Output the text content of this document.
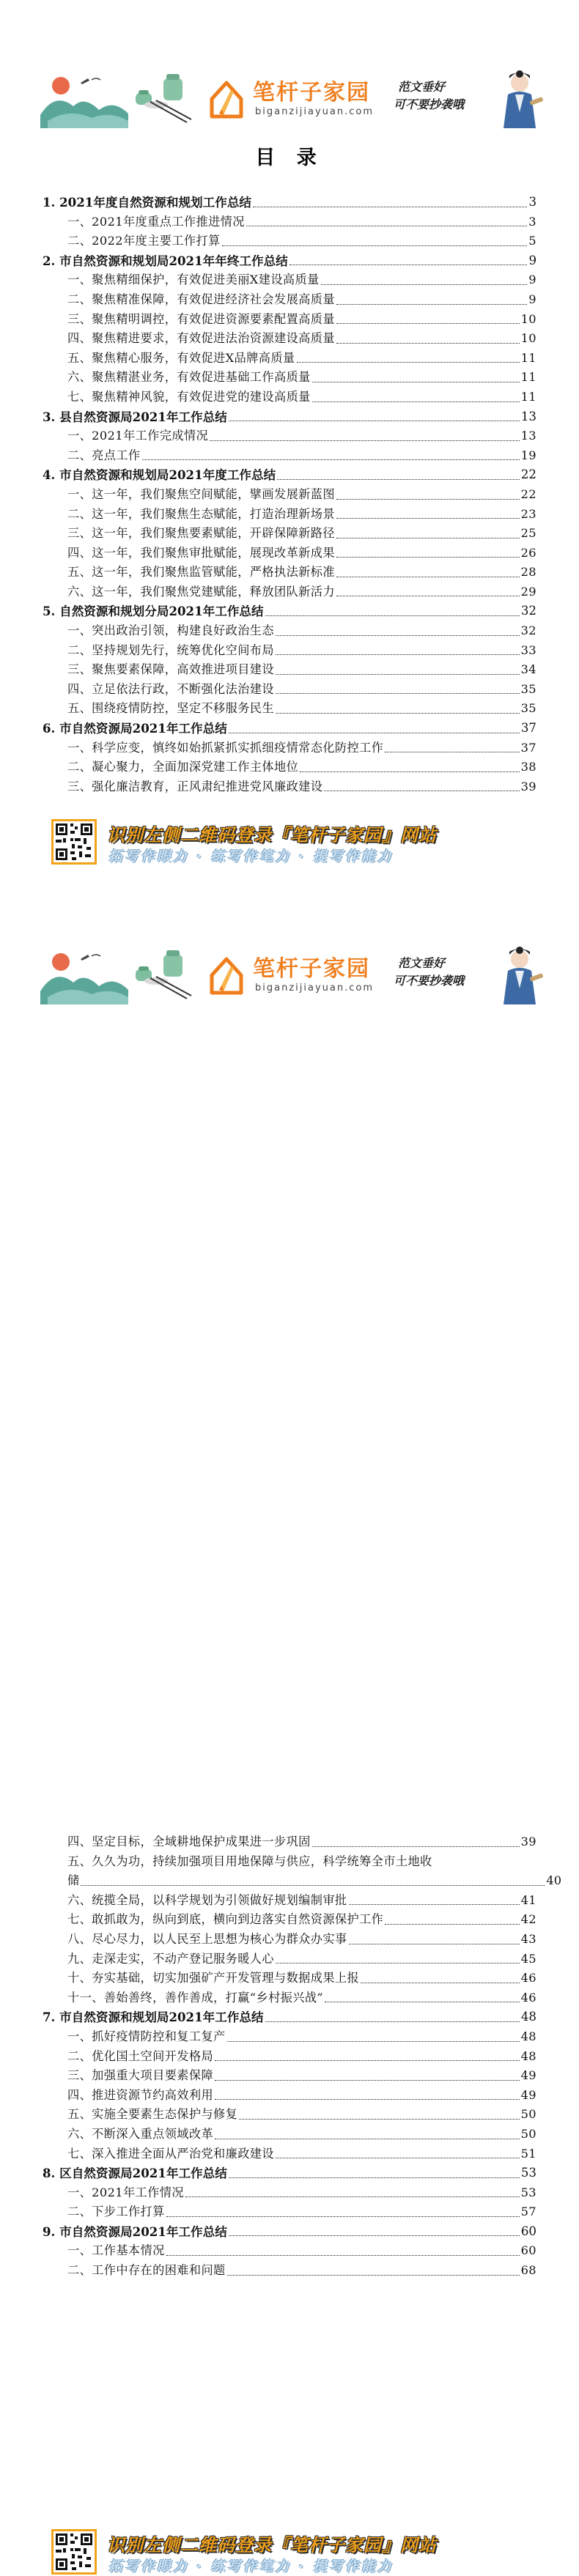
笔杆子家园
biganzijiayuan.com
范文垂好
可不要抄袭哦
目 录
1. 2021年度自然资源和规划工作总结	3
一、2021年度重点工作推进情况	3
二、2022年度主要工作打算	5
2. 市自然资源和规划局2021年年终工作总结	9
一、聚焦精细保护，有效促进美丽X建设高质量	9
二、聚焦精准保障，有效促进经济社会发展高质量	9
三、聚焦精明调控，有效促进资源要素配置高质量	10
四、聚焦精进要求，有效促进法治资源建设高质量	10
五、聚焦精心服务，有效促进X品牌高质量	11
六、聚焦精湛业务，有效促进基础工作高质量	11
七、聚焦精神风貌，有效促进党的建设高质量	11
3. 县自然资源局2021年工作总结	13
一、2021年工作完成情况	13
二、亮点工作	19
4. 市自然资源和规划局2021年度工作总结	22
一、这一年，我们聚焦空间赋能，擘画发展新蓝图	22
二、这一年，我们聚焦生态赋能，打造治理新场景	23
三、这一年，我们聚焦要素赋能，开辟保障新路径	25
四、这一年，我们聚焦审批赋能，展现改革新成果	26
五、这一年，我们聚焦监管赋能，严格执法新标准	28
六、这一年，我们聚焦党建赋能，释放团队新活力	29
5. 自然资源和规划分局2021年工作总结	32
一、突出政治引领，构建良好政治生态	32
二、坚持规划先行，统筹优化空间布局	33
三、聚焦要素保障，高效推进项目建设	34
四、立足依法行政，不断强化法治建设	35
五、围绕疫情防控，坚定不移服务民生	35
6. 市自然资源局2021年工作总结	37
一、科学应变，慎终如始抓紧抓实抓细疫情常态化防控工作	37
二、凝心聚力，全面加深党建工作主体地位	38
三、强化廉洁教育，正风肃纪推进党风廉政建设	39
识别左侧二维码登录『笔杆子家园』网站
拓写作眼力 · 练写作笔力 · 提写作能力
笔杆子家园
biganzijiayuan.com
范文垂好
可不要抄袭哦
四、坚定目标，全域耕地保护成果进一步巩固	39
五、久久为功，持续加强项目用地保障与供应，科学统筹全市土地收
储	40
六、统揽全局，以科学规划为引领做好规划编制审批	41
七、敢抓敢为，纵向到底，横向到边落实自然资源保护工作	42
八、尽心尽力，以人民至上思想为核心为群众办实事	43
九、走深走实，不动产登记服务暖人心	45
十、夯实基础，切实加强矿产开发管理与数据成果上报	46
十一、善始善终，善作善成，打赢“乡村振兴战”	46
7. 市自然资源和规划局2021年工作总结	48
一、抓好疫情防控和复工复产	48
二、优化国土空间开发格局	48
三、加强重大项目要素保障	49
四、推进资源节约高效利用	49
五、实施全要素生态保护与修复	50
六、不断深入重点领域改革	50
七、深入推进全面从严治党和廉政建设	51
8. 区自然资源局2021年工作总结	53
一、2021年工作情况	53
二、下步工作打算	57
9. 市自然资源局2021年工作总结	60
一、工作基本情况	60
二、工作中存在的困难和问题	68
识别左侧二维码登录『笔杆子家园』网站
拓写作眼力 · 练写作笔力 · 提写作能力
